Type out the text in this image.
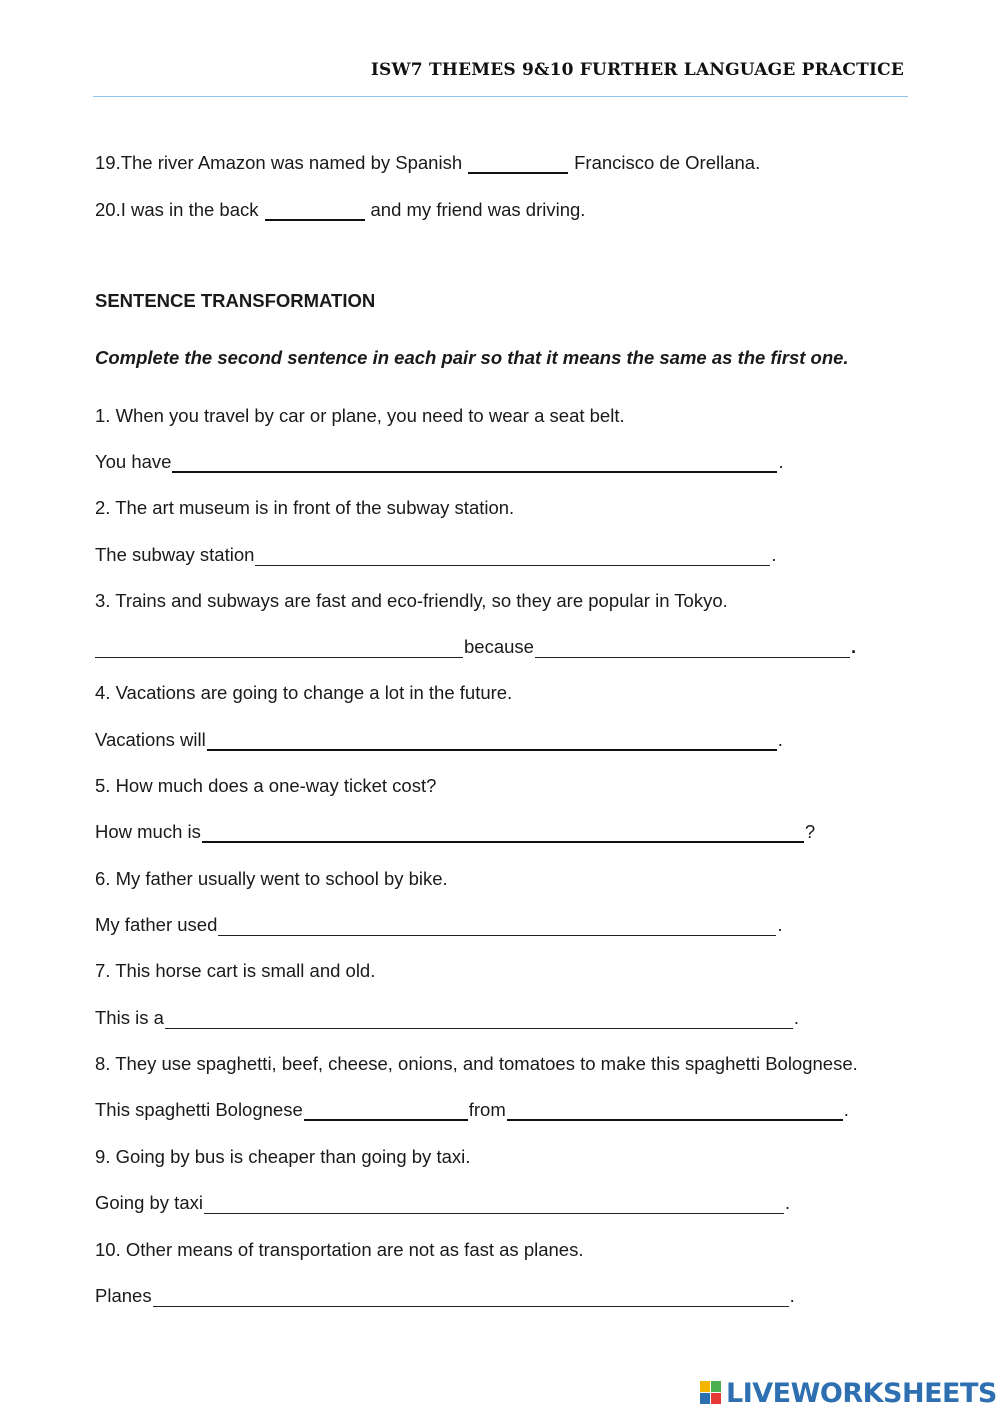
ISW7 THEMES 9&10 FURTHER LANGUAGE PRACTICE
19.The river Amazon was named by Spanish	Francisco de Orellana.
20.I was in the back	and my friend was driving.
SENTENCE TRANSFORMATION
Complete the second sentence in each pair so that it means the same as the first one.
1. When you travel by car or plane, you need to wear a seat belt.
You have	.
2. The art museum is in front of the subway station.
The subway station	.
3. Trains and subways are fast and eco-friendly, so they are popular in Tokyo.
because	.
4. Vacations are going to change a lot in the future.
Vacations will	.
5. How much does a one-way ticket cost?
How much is	?
6. My father usually went to school by bike.
My father used	.
7. This horse cart is small and old.
This is a	.
8. They use spaghetti, beef, cheese, onions, and tomatoes to make this spaghetti Bolognese.
This spaghetti Bolognese	from	.
9. Going by bus is cheaper than going by taxi.
Going by taxi	.
10. Other means of transportation are not as fast as planes.
Planes	.
LIVEWORKSHEETS
